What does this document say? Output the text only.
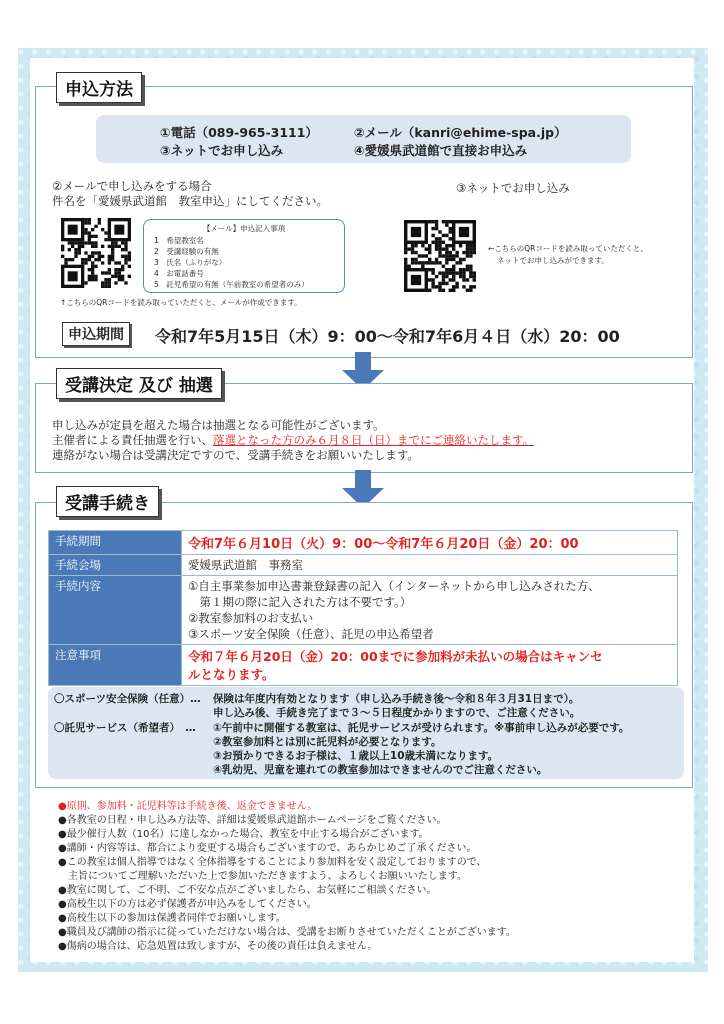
申込方法
①電話（089-965-3111）	②メール（kanri@ehime-spa.jp）
③ネットでお申し込み	④愛媛県武道館で直接お申込み
②メールで申し込みをする場合
件名を「愛媛県武道館　教室申込」にしてください。
③ネットでお申し込み
【メール】申込記入事項
1　希望教室名
2　受講経験の有無
3　氏名（ふりがな）
4　お電話番号
5　託児希望の有無（午前教室の希望者のみ）
↑こちらのQRコードを読み取っていただくと、メールが作成できます。
←こちらのQRコードを読み取っていただくと、
ネットでお申し込みができます。
申込期間	令和7年5月15日（木）9：00〜令和7年6月４日（水）20：00
受講決定 及び 抽選
申し込みが定員を超えた場合は抽選となる可能性がございます。
主催者による責任抽選を行い、落選となった方のみ６月８日（日）までにご連絡いたします。
連絡がない場合は受講決定ですので、受講手続きをお願いいたします。
受講手続き
手続期間	令和7年６月10日（火）9：00〜令和7年６月20日（金）20：00
手続会場	愛媛県武道館　事務室
手続内容	①自主事業参加申込書兼登録書の記入（インターネットから申し込みされた方、
　第１期の際に記入された方は不要です。）
②教室参加料のお支払い
③スポーツ安全保険（任意）、託児の申込希望者

注意事項	令和７年６月20日（金）20：00までに参加料が未払いの場合はキャンセ
ルとなります。
〇スポーツ安全保険（任意）… 保険は年度内有効となります（申し込み手続き後〜令和８年３月31日まで）。
申し込み後、手続き完了まで３〜５日程度かかりますので、ご注意ください。
〇託児サービス（希望者）　… ①午前中に開催する教室は、託児サービスが受けられます。※事前申し込みが必要です。
②教室参加料とは別に託児料が必要となります。
③お預かりできるお子様は、１歳以上10歳未満になります。
④乳幼児、児童を連れての教室参加はできませんのでご注意ください。
●原則、参加料・託児料等は手続き後、返金できません。
●各教室の日程・申し込み方法等、詳細は愛媛県武道館ホームページをご覧ください。
●最少催行人数（10名）に達しなかった場合、教室を中止する場合がございます。
●講師・内容等は、都合により変更する場合もございますので、あらかじめご了承ください。
●この教室は個人指導ではなく全体指導をすることにより参加料を安く設定しておりますので、
　主旨についてご理解いただいた上で参加いただきますよう、よろしくお願いいたします。
●教室に関して、ご不明、ご不安な点がございましたら、お気軽にご相談ください。
●高校生以下の方は必ず保護者が申込みをしてください。
●高校生以下の参加は保護者同伴でお願いします。
●職員及び講師の指示に従っていただけない場合は、受講をお断りさせていただくことがございます。
●傷病の場合は、応急処置は致しますが、その後の責任は負えません。
